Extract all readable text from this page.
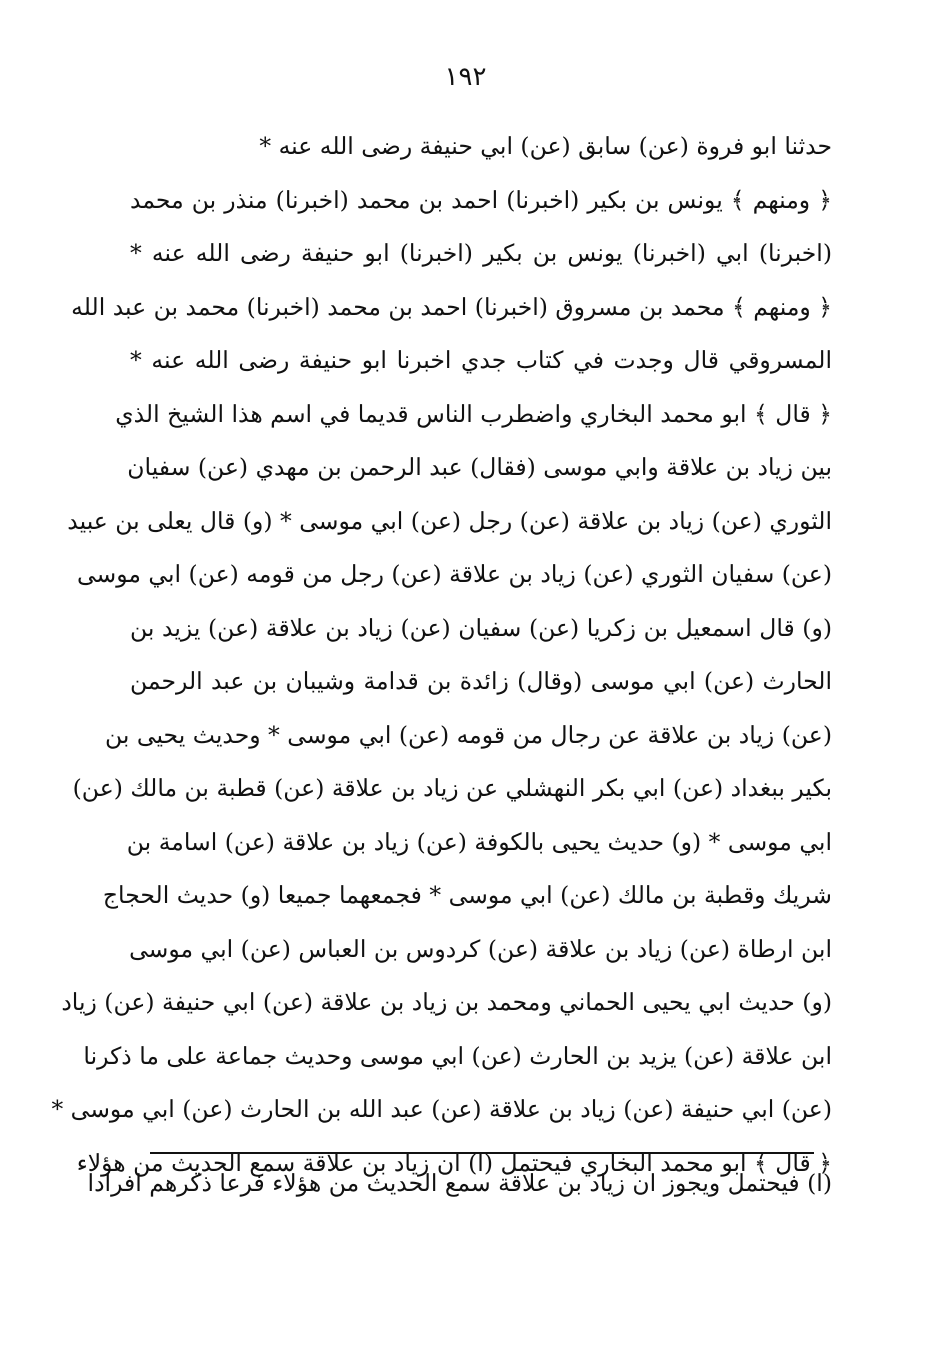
١٩٢
حدثنا ابو فروة (عن) سابق (عن) ابي حنيفة رضى الله عنه *
﴿ ومنهم ﴾ يونس بن بكير (اخبرنا) احمد بن محمد (اخبرنا) منذر بن محمد
(اخبرنا) ابي (اخبرنا) يونس بن بكير (اخبرنا) ابو حنيفة رضى الله عنه *
﴿ ومنهم ﴾ محمد بن مسروق (اخبرنا) احمد بن محمد (اخبرنا) محمد بن عبد الله
المسروقي قال وجدت في كتاب جدي اخبرنا ابو حنيفة رضى الله عنه *
﴿ قال ﴾ ابو محمد البخاري واضطرب الناس قديما في اسم هذا الشيخ الذي
بين زياد بن علاقة وابي موسى (فقال) عبد الرحمن بن مهدي (عن) سفيان
الثوري (عن) زياد بن علاقة (عن) رجل (عن) ابي موسى * (و) قال يعلى بن عبيد
(عن) سفيان الثوري (عن) زياد بن علاقة (عن) رجل من قومه (عن) ابي موسى
(و) قال اسمعيل بن زكريا (عن) سفيان (عن) زياد بن علاقة (عن) يزيد بن
الحارث (عن) ابي موسى (وقال) زائدة بن قدامة وشيبان بن عبد الرحمن
(عن) زياد بن علاقة عن رجال من قومه (عن) ابي موسى * وحديث يحيى بن
بكير ببغداد (عن) ابي بكر النهشلي عن زياد بن علاقة (عن) قطبة بن مالك (عن)
ابي موسى * (و) حديث يحيى بالكوفة (عن) زياد بن علاقة (عن) اسامة بن
شريك وقطبة بن مالك (عن) ابي موسى * فجمعهما جميعا (و) حديث الحجاج
ابن ارطاة (عن) زياد بن علاقة (عن) كردوس بن العباس (عن) ابي موسى
(و) حديث ابي يحيى الحماني ومحمد بن زياد بن علاقة (عن) ابي حنيفة (عن) زياد
ابن علاقة (عن) يزيد بن الحارث (عن) ابي موسى وحديث جماعة على ما ذكرنا
(عن) ابي حنيفة (عن) زياد بن علاقة (عن) عبد الله بن الحارث (عن) ابي موسى *
﴿ قال ﴾ ابو محمد البخاري فيحتمل (ا) ان زياد بن علاقة سمع الحديث من هؤلاء
(ا) فيحتمل ويجوز ان زياد بن علاقة سمع الحديث من هؤلاء فرعا ذكرهم افرادا
